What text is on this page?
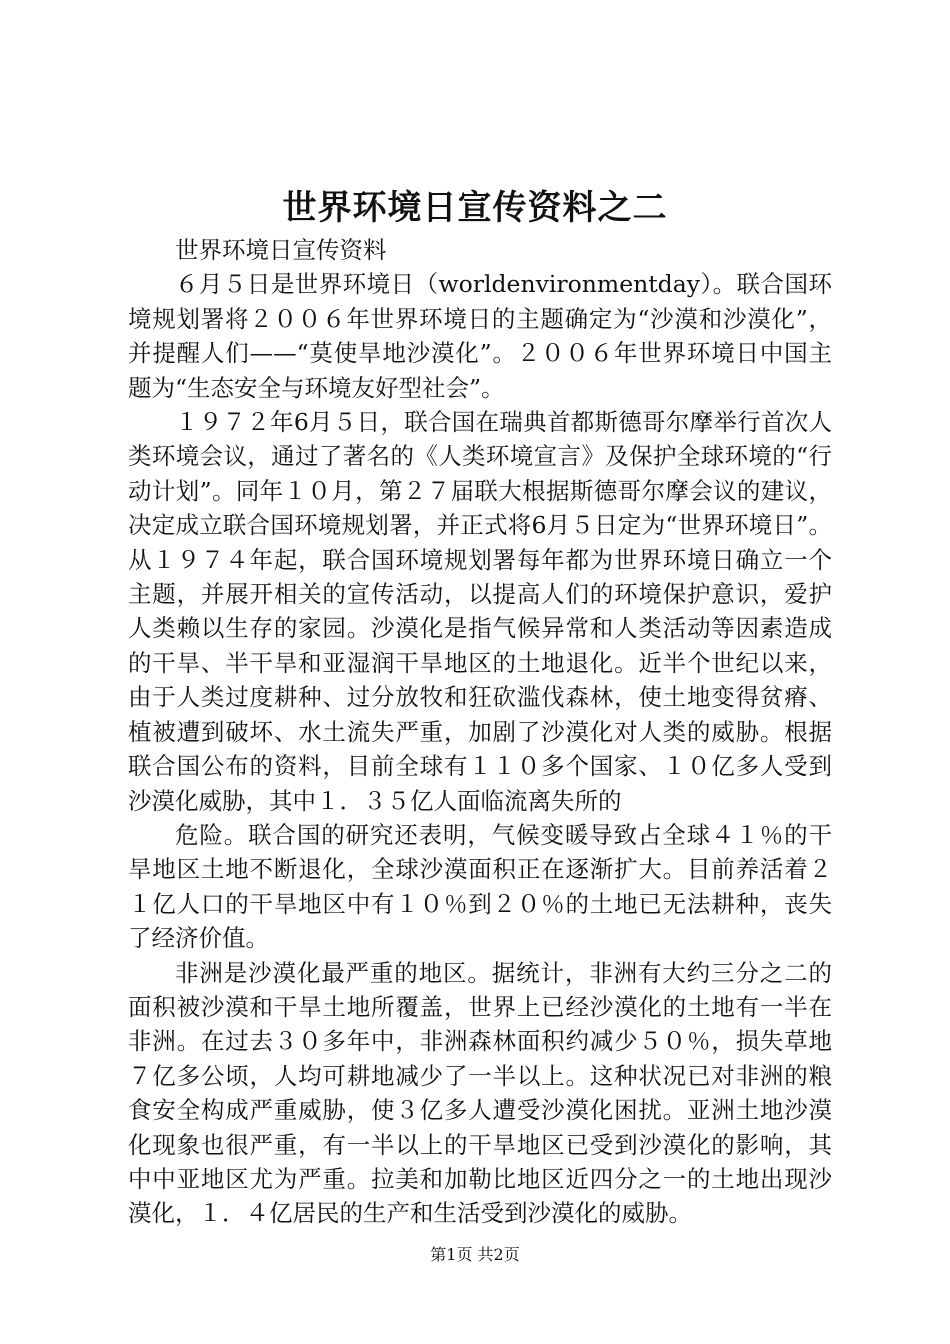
世界环境日宣传资料之二

世界环境日宣传资料

６月５日是世界环境日（worldenvironmentday）。联合国环境规划署将２００６年世界环境日的主题确定为“沙漠和沙漠化”，并提醒人们——“莫使旱地沙漠化”。２００６年世界环境日中国主题为“生态安全与环境友好型社会”。

１９７２年6月５日，联合国在瑞典首都斯德哥尔摩举行首次人类环境会议，通过了著名的《人类环境宣言》及保护全球环境的“行动计划”。同年１０月，第２７届联大根据斯德哥尔摩会议的建议，决定成立联合国环境规划署，并正式将6月５日定为“世界环境日”。从１９７４年起，联合国环境规划署每年都为世界环境日确立一个主题，并展开相关的宣传活动，以提高人们的环境保护意识，爱护人类赖以生存的家园。沙漠化是指气候异常和人类活动等因素造成的干旱、半干旱和亚湿润干旱地区的土地退化。近半个世纪以来，由于人类过度耕种、过分放牧和狂砍滥伐森林，使土地变得贫瘠、植被遭到破坏、水土流失严重，加剧了沙漠化对人类的威胁。根据联合国公布的资料，目前全球有１１０多个国家、１０亿多人受到沙漠化威胁，其中１．３５亿人面临流离失所的

危险。联合国的研究还表明，气候变暖导致占全球４１％的干旱地区土地不断退化，全球沙漠面积正在逐渐扩大。目前养活着２１亿人口的干旱地区中有１０％到２０％的土地已无法耕种，丧失了经济价值。

非洲是沙漠化最严重的地区。据统计，非洲有大约三分之二的面积被沙漠和干旱土地所覆盖，世界上已经沙漠化的土地有一半在非洲。在过去３０多年中，非洲森林面积约减少５０％，损失草地７亿多公顷，人均可耕地减少了一半以上。这种状况已对非洲的粮食安全构成严重威胁，使３亿多人遭受沙漠化困扰。亚洲土地沙漠化现象也很严重，有一半以上的干旱地区已受到沙漠化的影响，其中中亚地区尤为严重。拉美和加勒比地区近四分之一的土地出现沙漠化，１．４亿居民的生产和生活受到沙漠化的威胁。

第1页 共2页
